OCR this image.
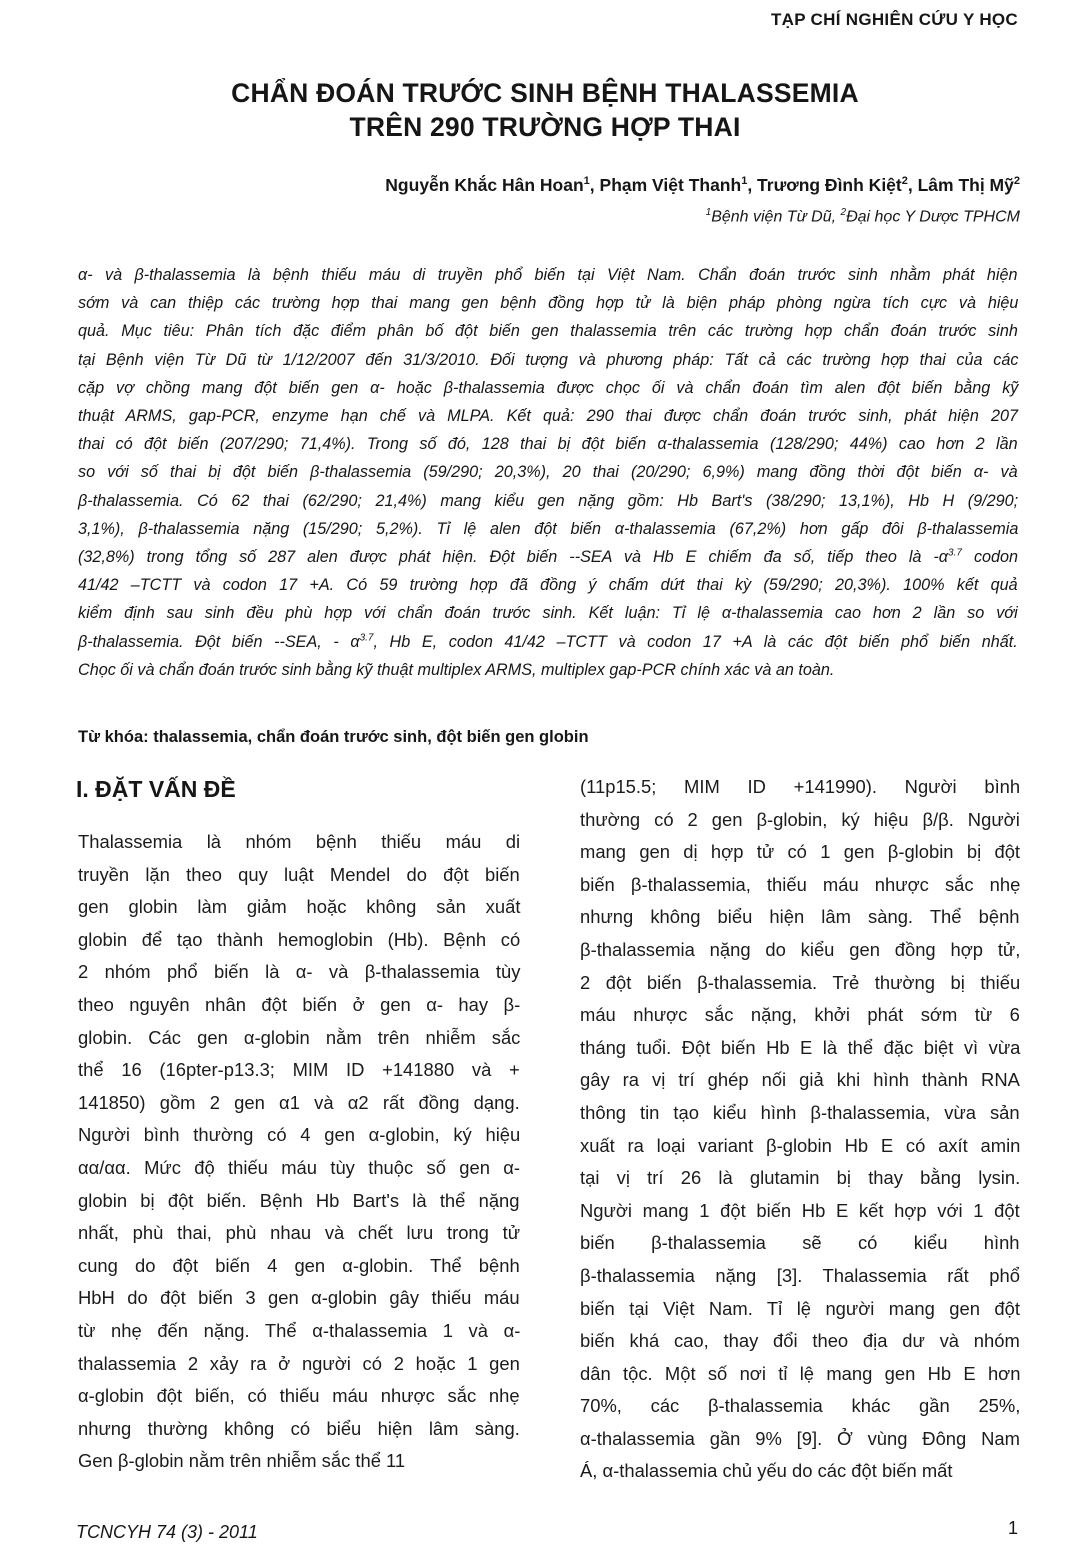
TẠP CHÍ NGHIÊN CỨU Y HỌC
CHẨN ĐOÁN TRƯỚC SINH BỆNH THALASSEMIA
TRÊN 290 TRƯỜNG HỢP THAI
Nguyễn Khắc Hân Hoan$^1$, Phạm Việt Thanh$^1$, Trương Đình Kiệt$^2$, Lâm Thị Mỹ$^2$
$^1$Bệnh viện Từ Dũ, $^2$Đại học Y Dược TPHCM
α- và β-thalassemia là bệnh thiếu máu di truyền phổ biến tại Việt Nam. Chẩn đoán trước sinh nhằm phát hiện
sớm và can thiệp các trường hợp thai mang gen bệnh đồng hợp tử là biện pháp phòng ngừa tích cực và hiệu
quả. Mục tiêu: Phân tích đặc điểm phân bố đột biến gen thalassemia trên các trường hợp chẩn đoán trước sinh
tại Bệnh viện Từ Dũ từ 1/12/2007 đến 31/3/2010. Đối tượng và phương pháp: Tất cả các trường hợp thai của các
cặp vợ chồng mang đột biến gen α- hoặc β-thalassemia được chọc ối và chẩn đoán tìm alen đột biến bằng kỹ
thuật ARMS, gap-PCR, enzyme hạn chế và MLPA. Kết quả: 290 thai được chẩn đoán trước sinh, phát hiện 207
thai có đột biến (207/290; 71,4%). Trong số đó, 128 thai bị đột biến α-thalassemia (128/290; 44%) cao hơn 2 lần
so với số thai bị đột biến β-thalassemia (59/290; 20,3%), 20 thai (20/290; 6,9%) mang đồng thời đột biến α- và
β-thalassemia. Có 62 thai (62/290; 21,4%) mang kiểu gen nặng gồm: Hb Bart's (38/290; 13,1%), Hb H (9/290;
3,1%), β-thalassemia nặng (15/290; 5,2%). Tỉ lệ alen đột biến α-thalassemia (67,2%) hơn gấp đôi β-thalassemia
(32,8%) trong tổng số 287 alen được phát hiện. Đột biến --SEA và Hb E chiếm đa số, tiếp theo là $-\alpha^{3.7}$ codon
41/42 –TCTT và codon 17 +A. Có 59 trường hợp đã đồng ý chấm dứt thai kỳ (59/290; 20,3%). 100% kết quả
kiểm định sau sinh đều phù hợp với chẩn đoán trước sinh. Kết luận: Tỉ lệ α-thalassemia cao hơn 2 lần so với
β-thalassemia. Đột biến --SEA, - $\alpha^{3.7}$, Hb E, codon 41/42 –TCTT và codon 17 +A là các đột biến phổ biến nhất.
Chọc ối và chẩn đoán trước sinh bằng kỹ thuật multiplex ARMS, multiplex gap-PCR chính xác và an toàn.
Từ khóa: thalassemia, chẩn đoán trước sinh, đột biến gen globin
I. ĐẶT VẤN ĐỀ
Thalassemia là nhóm bệnh thiếu máu di
truyền lặn theo quy luật Mendel do đột biến
gen globin làm giảm hoặc không sản xuất
globin để tạo thành hemoglobin (Hb). Bệnh có
2 nhóm phổ biến là α- và β-thalassemia tùy
theo nguyên nhân đột biến ở gen α- hay β-
globin. Các gen α-globin nằm trên nhiễm sắc
thể 16 (16pter-p13.3; MIM ID +141880 và +
141850) gồm 2 gen α1 và α2 rất đồng dạng.
Người bình thường có 4 gen α-globin, ký hiệu
αα/αα. Mức độ thiếu máu tùy thuộc số gen α-
globin bị đột biến. Bệnh Hb Bart's là thể nặng
nhất, phù thai, phù nhau và chết lưu trong tử
cung do đột biến 4 gen α-globin. Thể bệnh
HbH do đột biến 3 gen α-globin gây thiếu máu
từ nhẹ đến nặng. Thể α-thalassemia 1 và α-
thalassemia 2 xảy ra ở người có 2 hoặc 1 gen
α-globin đột biến, có thiếu máu nhược sắc nhẹ
nhưng thường không có biểu hiện lâm sàng.
Gen β-globin nằm trên nhiễm sắc thể 11
(11p15.5; MIM ID +141990). Người bình
thường có 2 gen β-globin, ký hiệu β/β. Người
mang gen dị hợp tử có 1 gen β-globin bị đột
biến β-thalassemia, thiếu máu nhược sắc nhẹ
nhưng không biểu hiện lâm sàng. Thể bệnh
β-thalassemia nặng do kiểu gen đồng hợp tử,
2 đột biến β-thalassemia. Trẻ thường bị thiếu
máu nhược sắc nặng, khởi phát sớm từ 6
tháng tuổi. Đột biến Hb E là thể đặc biệt vì vừa
gây ra vị trí ghép nối giả khi hình thành RNA
thông tin tạo kiểu hình β-thalassemia, vừa sản
xuất ra loại variant β-globin Hb E có axít amin
tại vị trí 26 là glutamin bị thay bằng lysin.
Người mang 1 đột biến Hb E kết hợp với 1 đột
biến β-thalassemia sẽ có kiểu hình
β-thalassemia nặng [3]. Thalassemia rất phổ
biến tại Việt Nam. Tỉ lệ người mang gen đột
biến khá cao, thay đổi theo địa dư và nhóm
dân tộc. Một số nơi tỉ lệ mang gen Hb E hơn
70%, các β-thalassemia khác gần 25%,
α-thalassemia gần 9% [9]. Ở vùng Đông Nam
Á, α-thalassemia chủ yếu do các đột biến mất
TCNCYH 74 (3) - 2011	1
